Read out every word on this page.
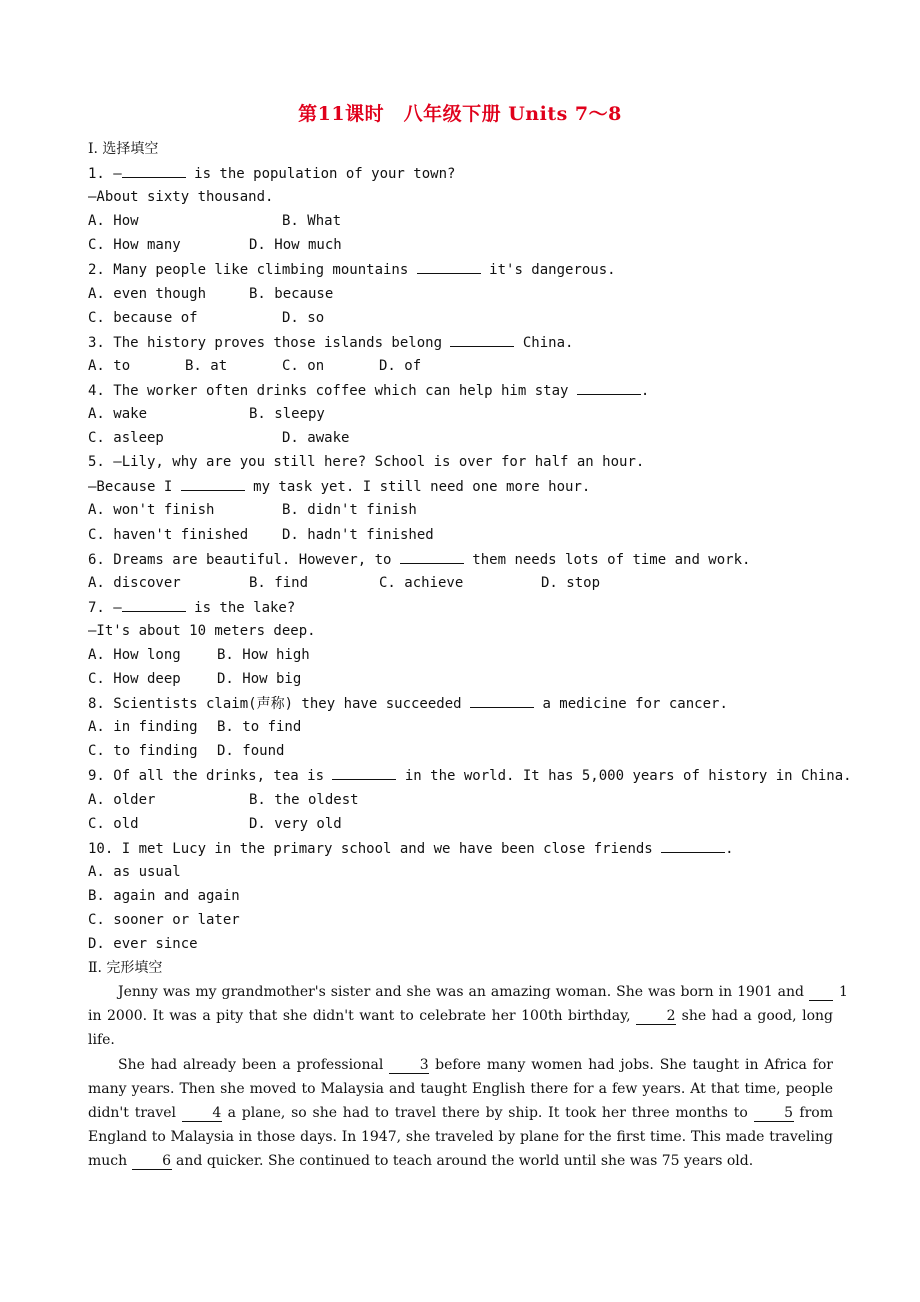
第11课时　八年级下册 Units 7～8
Ⅰ. 选择填空
1. —	is the population of your town?
—About sixty thousand.
A. How	B. What
C. How many	D. How much
2. Many people like climbing mountains	it's dangerous.
A. even though	B. because
C. because of	D. so
3. The history proves those islands belong	China.
A. to	B. at	C. on	D. of
4. The worker often drinks coffee which can help him stay	.
A. wake	B. sleepy
C. asleep	D. awake
5. —Lily, why are you still here? School is over for half an hour.
—Because I	my task yet. I still need one more hour.
A. won't finish	B. didn't finish
C. haven't finished D. hadn't finished
6. Dreams are beautiful. However, to	them needs lots of time and work.
A. discover	B. find	C. achieve	D. stop
7. —	is the lake?
—It's about 10 meters deep.
A. How long	B. How high
C. How deep	D. How big
8. Scientists claim(声称) they have succeeded	a medicine for cancer.
A. in finding B. to find
C. to finding D. found
9. Of all the drinks, tea is	in the world. It has 5,000 years of history in China.
A. older	B. the oldest
C. old	D. very old
10. I met Lucy in the primary school and we have been close friends	.
A. as usual
B. again and again
C. sooner or later
D. ever since
Ⅱ. 完形填空

Jenny was my grandmother's sister and she was an amazing woman. She was born in 1901 and 1 in 2000. It was a pity that she didn't want to celebrate her 100th birthday, 2 she had a good, long life.

She had already been a professional 3 before many women had jobs. She taught in Africa for many years. Then she moved to Malaysia and taught English there for a few years. At that time, people didn't travel 4 a plane, so she had to travel there by ship. It took her three months to 5 from England to Malaysia in those days. In 1947, she traveled by plane for the first time. This made traveling much 6 and quicker. She continued to teach around the world until she was 75 years old.
